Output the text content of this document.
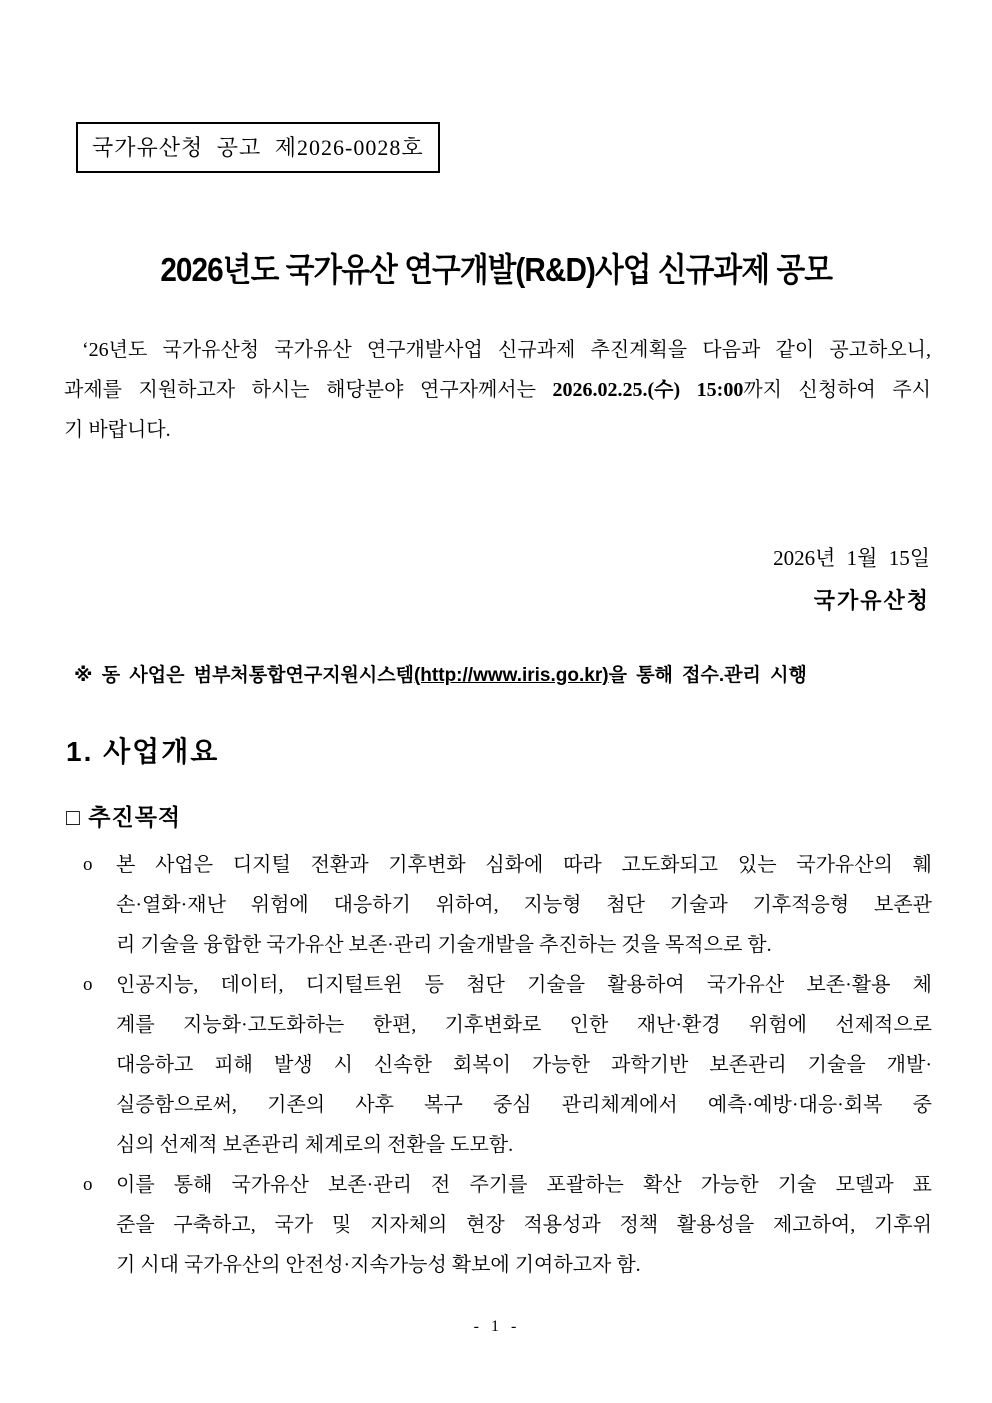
국가유산청 공고 제2026-0028호
2026년도 국가유산 연구개발(R&D)사업 신규과제 공모
‘26년도 국가유산청 국가유산 연구개발사업 신규과제 추진계획을 다음과 같이 공고하오니,
과제를 지원하고자 하시는 해당분야 연구자께서는 2026.02.25.(수) 15:00까지 신청하여 주시
기 바랍니다.
2026년 1월 15일
국가유산청
※ 동 사업은 범부처통합연구지원시스템(http://www.iris.go.kr)을 통해 접수.관리 시행
1. 사업개요
□ 추진목적
o 본 사업은 디지털 전환과 기후변화 심화에 따라 고도화되고 있는 국가유산의 훼
손·열화·재난 위험에 대응하기 위하여, 지능형 첨단 기술과 기후적응형 보존관
리 기술을 융합한 국가유산 보존·관리 기술개발을 추진하는 것을 목적으로 함.
o 인공지능, 데이터, 디지털트윈 등 첨단 기술을 활용하여 국가유산 보존·활용 체
계를 지능화·고도화하는 한편, 기후변화로 인한 재난·환경 위험에 선제적으로
대응하고 피해 발생 시 신속한 회복이 가능한 과학기반 보존관리 기술을 개발·
실증함으로써, 기존의 사후 복구 중심 관리체계에서 예측·예방·대응·회복 중
심의 선제적 보존관리 체계로의 전환을 도모함.
o 이를 통해 국가유산 보존·관리 전 주기를 포괄하는 확산 가능한 기술 모델과 표
준을 구축하고, 국가 및 지자체의 현장 적용성과 정책 활용성을 제고하여, 기후위
기 시대 국가유산의 안전성·지속가능성 확보에 기여하고자 함.
- 1 -
